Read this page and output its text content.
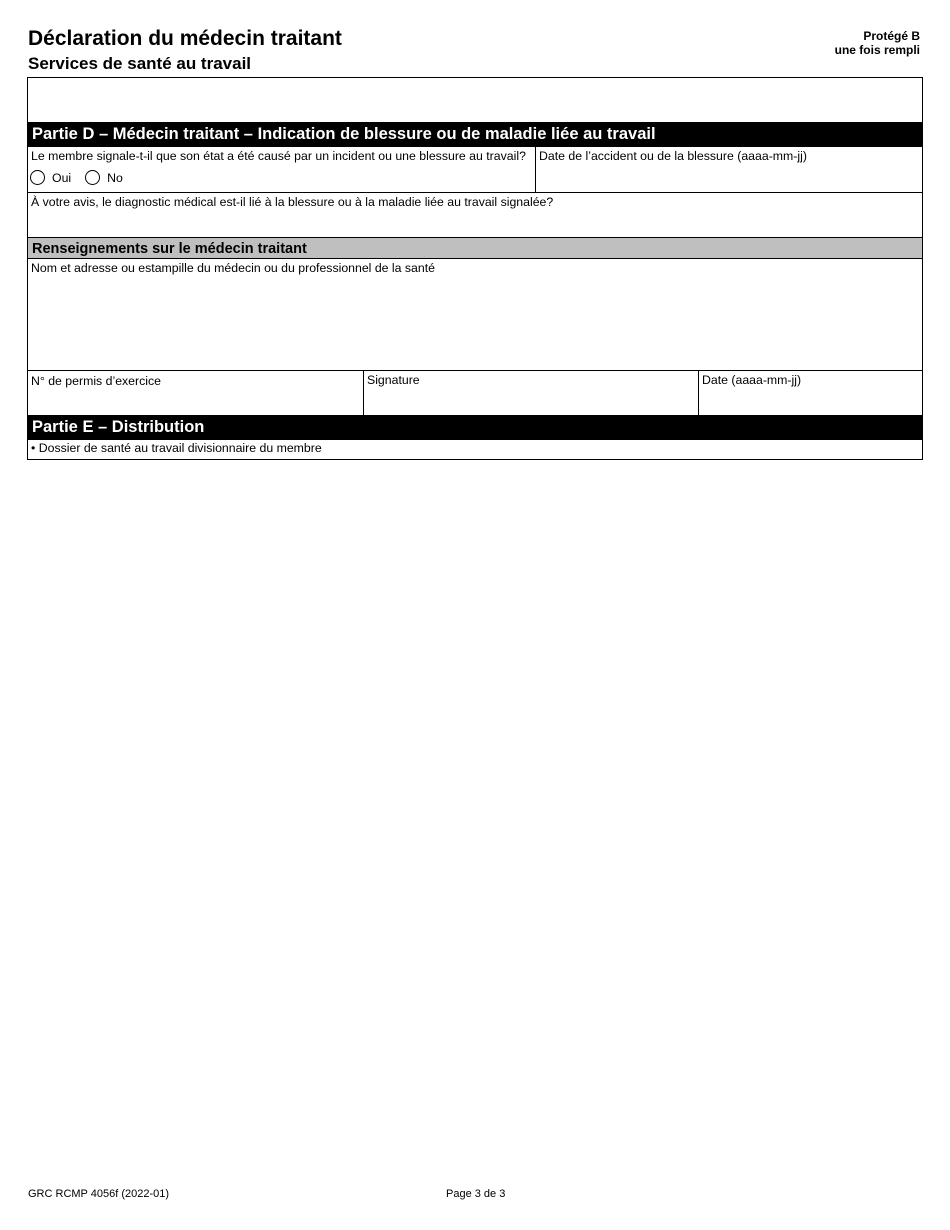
Déclaration du médecin traitant
Services de santé au travail
Protégé B
une fois rempli
Partie D – Médecin traitant – Indication de blessure ou de maladie liée au travail
Le membre signale-t-il que son état a été causé par un incident ou une blessure au travail?
Oui	No
Date de l’accident ou de la blessure (aaaa-mm-jj)
À votre avis, le diagnostic médical est-il lié à la blessure ou à la maladie liée au travail signalée?
Renseignements sur le médecin traitant
Nom et adresse ou estampille du médecin ou du professionnel de la santé
N° de permis d’exercice	Signature	Date (aaaa-mm-jj)
Partie E – Distribution
• Dossier de santé au travail divisionnaire du membre
GRC RCMP 4056f (2022-01)	Page 3 de 3
